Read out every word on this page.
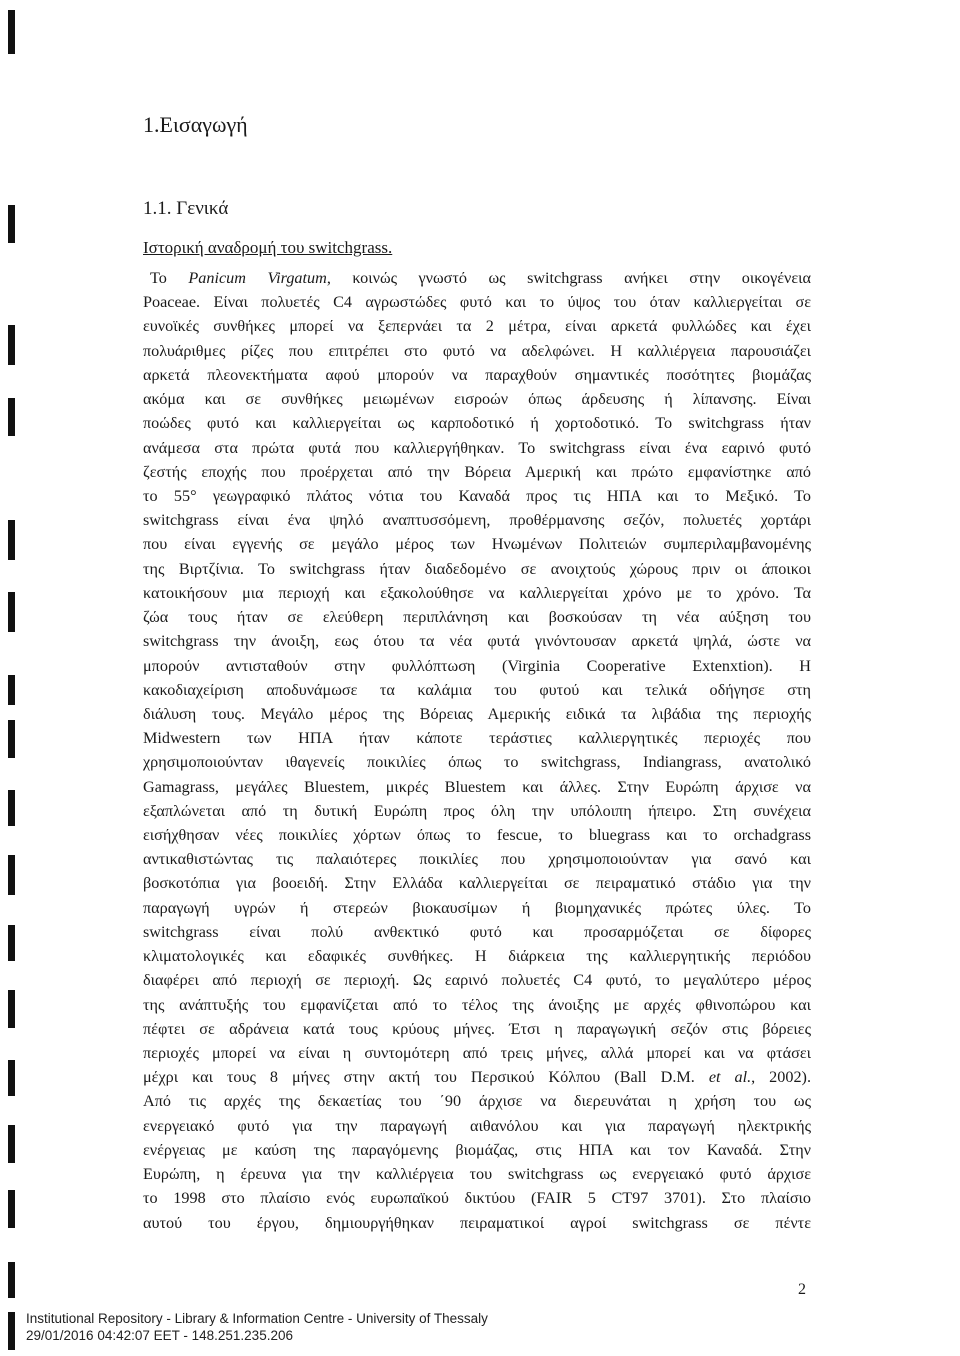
1.Εισαγωγή
1.1. Γενικά
Ιστορική αναδρομή του switchgrass.
Το Panicum Virgatum, κοινώς γνωστό ως switchgrass ανήκει στην οικογένεια
Poaceae. Είναι πολυετές C4 αγρωστώδες φυτό και το ύψος του όταν καλλιεργείται σε
ευνοϊκές συνθήκες μπορεί να ξεπερνάει τα 2 μέτρα, είναι αρκετά φυλλώδες και έχει
πολυάριθμες ρίζες που επιτρέπει στο φυτό να αδελφώνει. Η καλλιέργεια παρουσιάζει
αρκετά πλεονεκτήματα αφού μπορούν να παραχθούν σημαντικές ποσότητες βιομάζας
ακόμα και σε συνθήκες μειωμένων εισροών όπως άρδευσης ή λίπανσης. Είναι
ποώδες φυτό και καλλιεργείται ως καρποδοτικό ή χορτοδοτικό. Το switchgrass ήταν
ανάμεσα στα πρώτα φυτά που καλλιεργήθηκαν. Το switchgrass είναι ένα εαρινό φυτό
ζεστής εποχής που προέρχεται από την Βόρεια Αμερική και πρώτο εμφανίστηκε από
το 55° γεωγραφικό πλάτος νότια του Καναδά προς τις ΗΠΑ και το Μεξικό. Το
switchgrass είναι ένα ψηλό αναπτυσσόμενη, προθέρμανσης σεζόν, πολυετές χορτάρι
που είναι εγγενής σε μεγάλο μέρος των Ηνωμένων Πολιτειών συμπεριλαμβανομένης
της Βιρτζίνια. Το switchgrass ήταν διαδεδομένο σε ανοιχτούς χώρους πριν οι άποικοι
κατοικήσουν μια περιοχή και εξακολούθησε να καλλιεργείται χρόνο με το χρόνο. Τα
ζώα τους ήταν σε ελεύθερη περιπλάνηση και βοσκούσαν τη νέα αύξηση του
switchgrass την άνοιξη, εως ότου τα νέα φυτά γινόντουσαν αρκετά ψηλά, ώστε να
μπορούν αντισταθούν στην φυλλόπτωση (Virginia Cooperative Extenxtion). Η
κακοδιαχείριση αποδυνάμωσε τα καλάμια του φυτού και τελικά οδήγησε στη
διάλυση τους. Μεγάλο μέρος της Βόρειας Αμερικής ειδικά τα λιβάδια της περιοχής
Midwestern των ΗΠΑ ήταν κάποτε τεράστιες καλλιεργητικές περιοχές που
χρησιμοποιούνταν ιθαγενείς ποικιλίες όπως το switchgrass, Indiangrass, ανατολικό
Gamagrass, μεγάλες Bluestem, μικρές Bluestem και άλλες. Στην Ευρώπη άρχισε να
εξαπλώνεται από τη δυτική Ευρώπη προς όλη την υπόλοιπη ήπειρο. Στη συνέχεια
εισήχθησαν νέες ποικιλίες χόρτων όπως το fescue, το bluegrass και το orchadgrass
αντικαθιστώντας τις παλαιότερες ποικιλίες που χρησιμοποιούνταν για σανό και
βοσκοτόπια για βοοειδή. Στην Ελλάδα καλλιεργείται σε πειραματικό στάδιο για την
παραγωγή υγρών ή στερεών βιοκαυσίμων ή βιομηχανικές πρώτες ύλες. Το
switchgrass είναι πολύ ανθεκτικό φυτό και προσαρμόζεται σε δίφορες
κλιματολογικές και εδαφικές συνθήκες. Η διάρκεια της καλλιεργητικής περιόδου
διαφέρει από περιοχή σε περιοχή. Ως εαρινό πολυετές C4 φυτό, το μεγαλύτερο μέρος
της ανάπτυξής του εμφανίζεται από το τέλος της άνοιξης με αρχές φθινοπώρου και
πέφτει σε αδράνεια κατά τους κρύους μήνες. Έτσι η παραγωγική σεζόν στις βόρειες
περιοχές μπορεί να είναι η συντομότερη από τρεις μήνες, αλλά μπορεί και να φτάσει
μέχρι και τους 8 μήνες στην ακτή του Περσικού Κόλπου (Ball D.M. et al., 2002).
Από τις αρχές της δεκαετίας του ΄90 άρχισε να διερευνάται η χρήση του ως
ενεργειακό φυτό για την παραγωγή αιθανόλου και για παραγωγή ηλεκτρικής
ενέργειας με καύση της παραγόμενης βιομάζας, στις ΗΠΑ και τον Καναδά. Στην
Ευρώπη, η έρευνα για την καλλιέργεια του switchgrass ως ενεργειακό φυτό άρχισε
το 1998 στο πλαίσιο ενός ευρωπαϊκού δικτύου (FAIR 5 CT97 3701). Στο πλαίσιο
αυτού του έργου, δημιουργήθηκαν πειραματικοί αγροί switchgrass σε πέντε
2
Institutional Repository - Library & Information Centre - University of Thessaly
29/01/2016 04:42:07 EET - 148.251.235.206
